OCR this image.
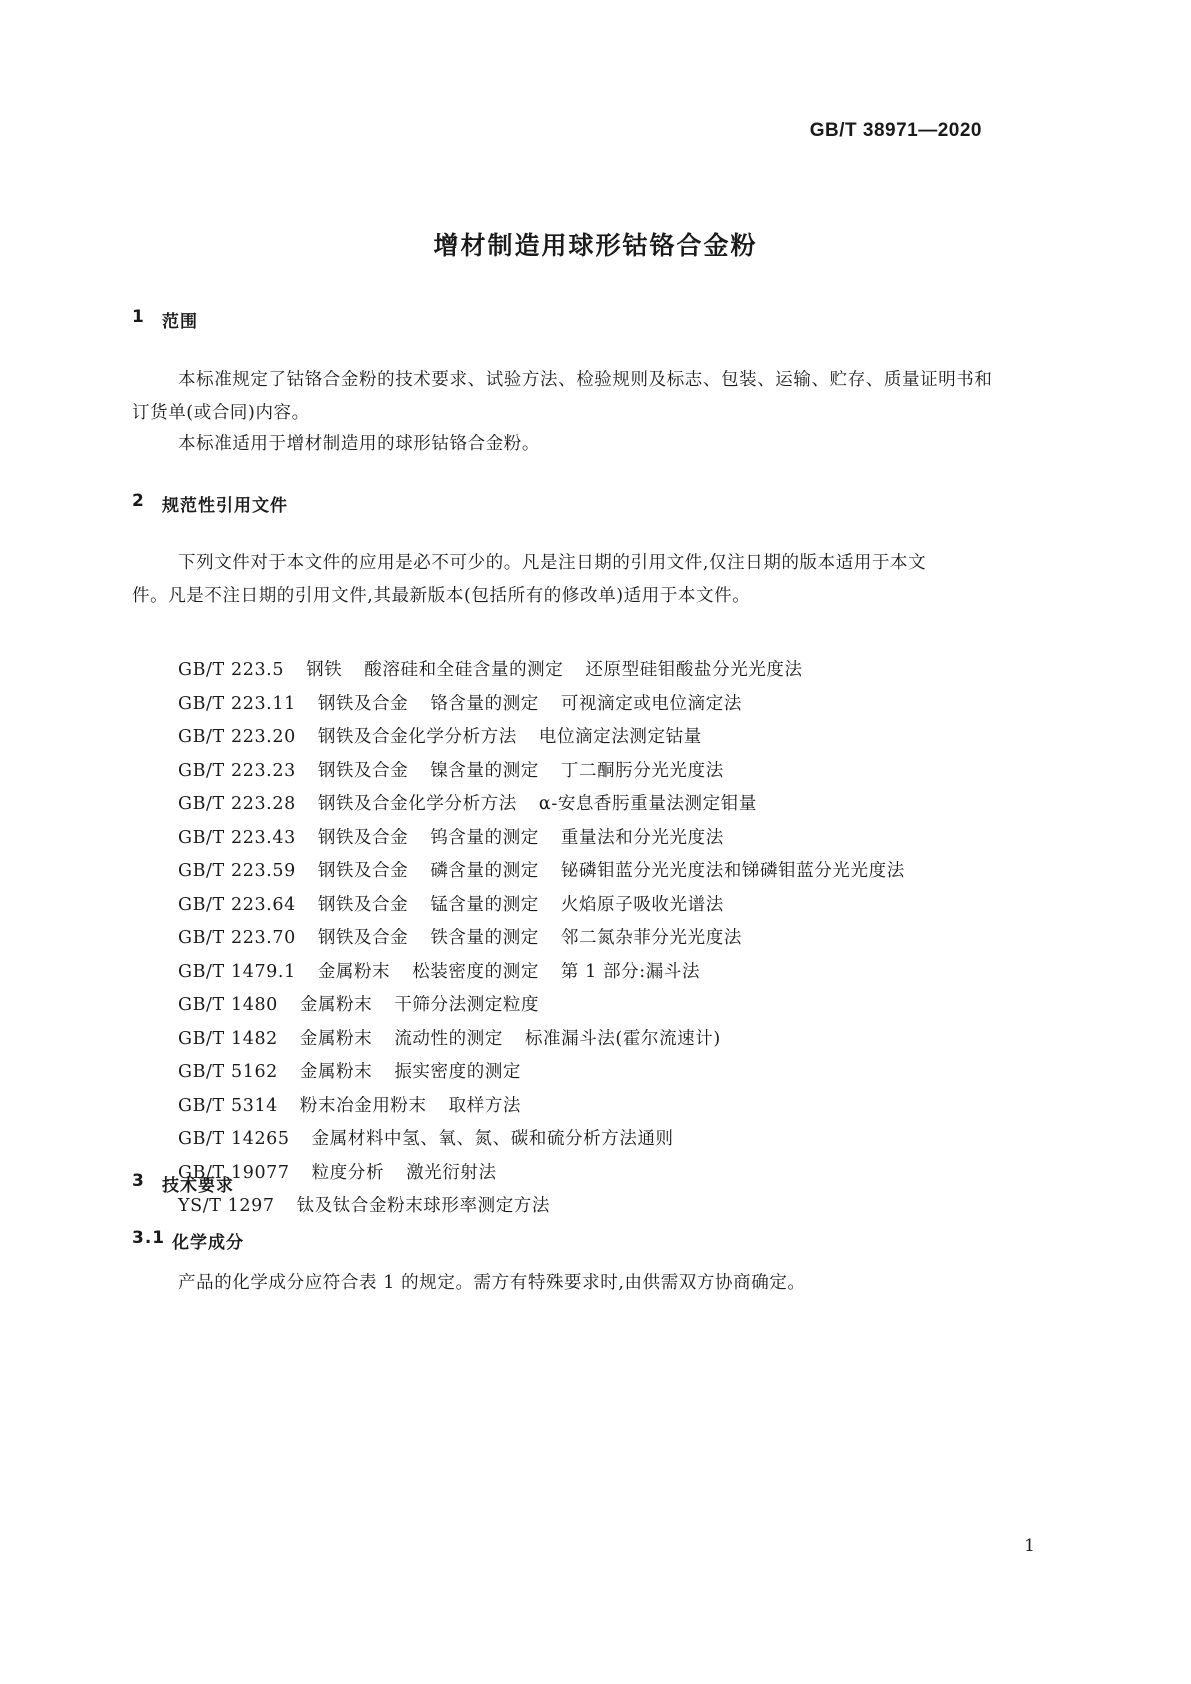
GB/T 38971—2020
增材制造用球形钴铬合金粉
1	范围
本标准规定了钴铬合金粉的技术要求、试验方法、检验规则及标志、包装、运输、贮存、质量证明书和
订货单(或合同)内容。
本标准适用于增材制造用的球形钴铬合金粉。
2	规范性引用文件
下列文件对于本文件的应用是必不可少的。凡是注日期的引用文件,仅注日期的版本适用于本文
件。凡是不注日期的引用文件,其最新版本(包括所有的修改单)适用于本文件。
GB/T 223.5 钢铁 酸溶硅和全硅含量的测定 还原型硅钼酸盐分光光度法
GB/T 223.11 钢铁及合金 铬含量的测定 可视滴定或电位滴定法
GB/T 223.20 钢铁及合金化学分析方法 电位滴定法测定钴量
GB/T 223.23 钢铁及合金 镍含量的测定 丁二酮肟分光光度法
GB/T 223.28 钢铁及合金化学分析方法 α-安息香肟重量法测定钼量
GB/T 223.43 钢铁及合金 钨含量的测定 重量法和分光光度法
GB/T 223.59 钢铁及合金 磷含量的测定 铋磷钼蓝分光光度法和锑磷钼蓝分光光度法
GB/T 223.64 钢铁及合金 锰含量的测定 火焰原子吸收光谱法
GB/T 223.70 钢铁及合金 铁含量的测定 邻二氮杂菲分光光度法
GB/T 1479.1 金属粉末 松装密度的测定 第 1 部分:漏斗法
GB/T 1480 金属粉末 干筛分法测定粒度
GB/T 1482 金属粉末 流动性的测定 标准漏斗法(霍尔流速计)
GB/T 5162 金属粉末 振实密度的测定
GB/T 5314 粉末冶金用粉末 取样方法
GB/T 14265 金属材料中氢、氧、氮、碳和硫分析方法通则
GB/T 19077 粒度分析 激光衍射法
YS/T 1297 钛及钛合金粉末球形率测定方法
3	技术要求
3.1 化学成分
产品的化学成分应符合表 1 的规定。需方有特殊要求时,由供需双方协商确定。
1
